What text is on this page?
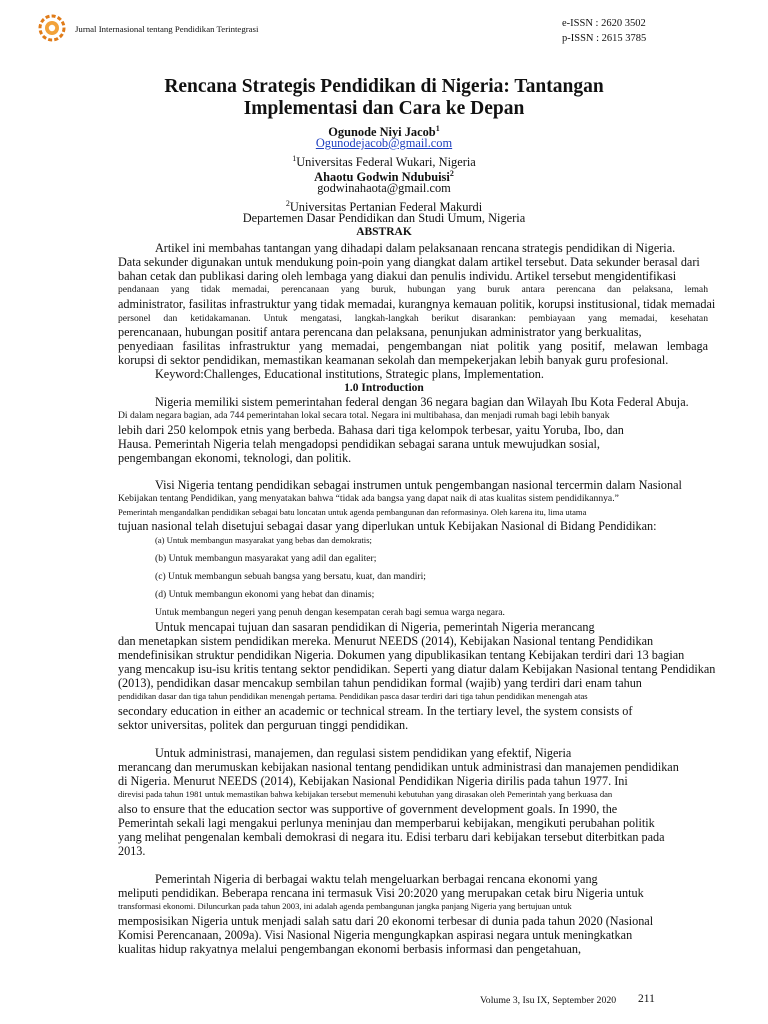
Jurnal Internasional tentang Pendidikan Terintegrasi	e-ISSN : 2620 3502
p-ISSN : 2615 3785
Rencana Strategis Pendidikan di Nigeria: Tantangan
Implementasi dan Cara ke Depan
Ogunode Niyi Jacob$^1$
Ogunodejacob@gmail.com
$^1$Universitas Federal Wukari, Nigeria
Ahaotu Godwin Ndubuisi$^2$
godwinahaota@gmail.com
$^2$Universitas Pertanian Federal Makurdi
Departemen Dasar Pendidikan dan Studi Umum, Nigeria
ABSTRAK
Artikel ini membahas tantangan yang dihadapi dalam pelaksanaan rencana strategis pendidikan di Nigeria.
Data sekunder digunakan untuk mendukung poin-poin yang diangkat dalam artikel tersebut. Data sekunder berasal dari
bahan cetak dan publikasi daring oleh lembaga yang diakui dan penulis individu. Artikel tersebut mengidentifikasi
pendanaan yang tidak memadai, perencanaan yang buruk, hubungan yang buruk antara perencana dan pelaksana, lemah
administrator, fasilitas infrastruktur yang tidak memadai, kurangnya kemauan politik, korupsi institusional, tidak memadai
personel dan ketidakamanan. Untuk mengatasi, langkah-langkah berikut disarankan: pembiayaan yang memadai, kesehatan
perencanaan, hubungan positif antara perencana dan pelaksana, penunjukan administrator yang berkualitas,
penyediaan fasilitas infrastruktur yang memadai, pengembangan niat politik yang positif, melawan lembaga
korupsi di sektor pendidikan, memastikan keamanan sekolah dan mempekerjakan lebih banyak guru profesional.
Keyword:Challenges, Educational institutions, Strategic plans, Implementation.
1.0 Introduction
Nigeria memiliki sistem pemerintahan federal dengan 36 negara bagian dan Wilayah Ibu Kota Federal Abuja.
Di dalam negara bagian, ada 744 pemerintahan lokal secara total. Negara ini multibahasa, dan menjadi rumah bagi lebih banyak
lebih dari 250 kelompok etnis yang berbeda. Bahasa dari tiga kelompok terbesar, yaitu Yoruba, Ibo, dan
Hausa. Pemerintah Nigeria telah mengadopsi pendidikan sebagai sarana untuk mewujudkan sosial,
pengembangan ekonomi, teknologi, dan politik.
Visi Nigeria tentang pendidikan sebagai instrumen untuk pengembangan nasional tercermin dalam Nasional
Kebijakan tentang Pendidikan, yang menyatakan bahwa “tidak ada bangsa yang dapat naik di atas kualitas sistem pendidikannya.”
Pemerintah mengandalkan pendidikan sebagai batu loncatan untuk agenda pembangunan dan reformasinya. Oleh karena itu, lima utama
tujuan nasional telah disetujui sebagai dasar yang diperlukan untuk Kebijakan Nasional di Bidang Pendidikan:
(a) Untuk membangun masyarakat yang bebas dan demokratis;
(b) Untuk membangun masyarakat yang adil dan egaliter;
(c) Untuk membangun sebuah bangsa yang bersatu, kuat, dan mandiri;
(d) Untuk membangun ekonomi yang hebat dan dinamis;
Untuk membangun negeri yang penuh dengan kesempatan cerah bagi semua warga negara.
Untuk mencapai tujuan dan sasaran pendidikan di Nigeria, pemerintah Nigeria merancang
dan menetapkan sistem pendidikan mereka. Menurut NEEDS (2014), Kebijakan Nasional tentang Pendidikan
mendefinisikan struktur pendidikan Nigeria. Dokumen yang dipublikasikan tentang Kebijakan terdiri dari 13 bagian
yang mencakup isu-isu kritis tentang sektor pendidikan. Seperti yang diatur dalam Kebijakan Nasional tentang Pendidikan
(2013), pendidikan dasar mencakup sembilan tahun pendidikan formal (wajib) yang terdiri dari enam tahun
pendidikan dasar dan tiga tahun pendidikan menengah pertama. Pendidikan pasca dasar terdiri dari tiga tahun pendidikan menengah atas
secondary education in either an academic or technical stream. In the tertiary level, the system consists of
sektor universitas, politek dan perguruan tinggi pendidikan.
Untuk administrasi, manajemen, dan regulasi sistem pendidikan yang efektif, Nigeria
merancang dan merumuskan kebijakan nasional tentang pendidikan untuk administrasi dan manajemen pendidikan
di Nigeria. Menurut NEEDS (2014), Kebijakan Nasional Pendidikan Nigeria dirilis pada tahun 1977. Ini
direvisi pada tahun 1981 untuk memastikan bahwa kebijakan tersebut memenuhi kebutuhan yang dirasakan oleh Pemerintah yang berkuasa dan
also to ensure that the education sector was supportive of government development goals. In 1990, the
Pemerintah sekali lagi mengakui perlunya meninjau dan memperbarui kebijakan, mengikuti perubahan politik
yang melihat pengenalan kembali demokrasi di negara itu. Edisi terbaru dari kebijakan tersebut diterbitkan pada
2013.
Pemerintah Nigeria di berbagai waktu telah mengeluarkan berbagai rencana ekonomi yang
meliputi pendidikan. Beberapa rencana ini termasuk Visi 20:2020 yang merupakan cetak biru Nigeria untuk
transformasi ekonomi. Diluncurkan pada tahun 2003, ini adalah agenda pembangunan jangka panjang Nigeria yang bertujuan untuk
memposisikan Nigeria untuk menjadi salah satu dari 20 ekonomi terbesar di dunia pada tahun 2020 (Nasional
Komisi Perencanaan, 2009a). Visi Nasional Nigeria mengungkapkan aspirasi negara untuk meningkatkan
kualitas hidup rakyatnya melalui pengembangan ekonomi berbasis informasi dan pengetahuan,
Volume 3, Isu IX, September 2020 211
